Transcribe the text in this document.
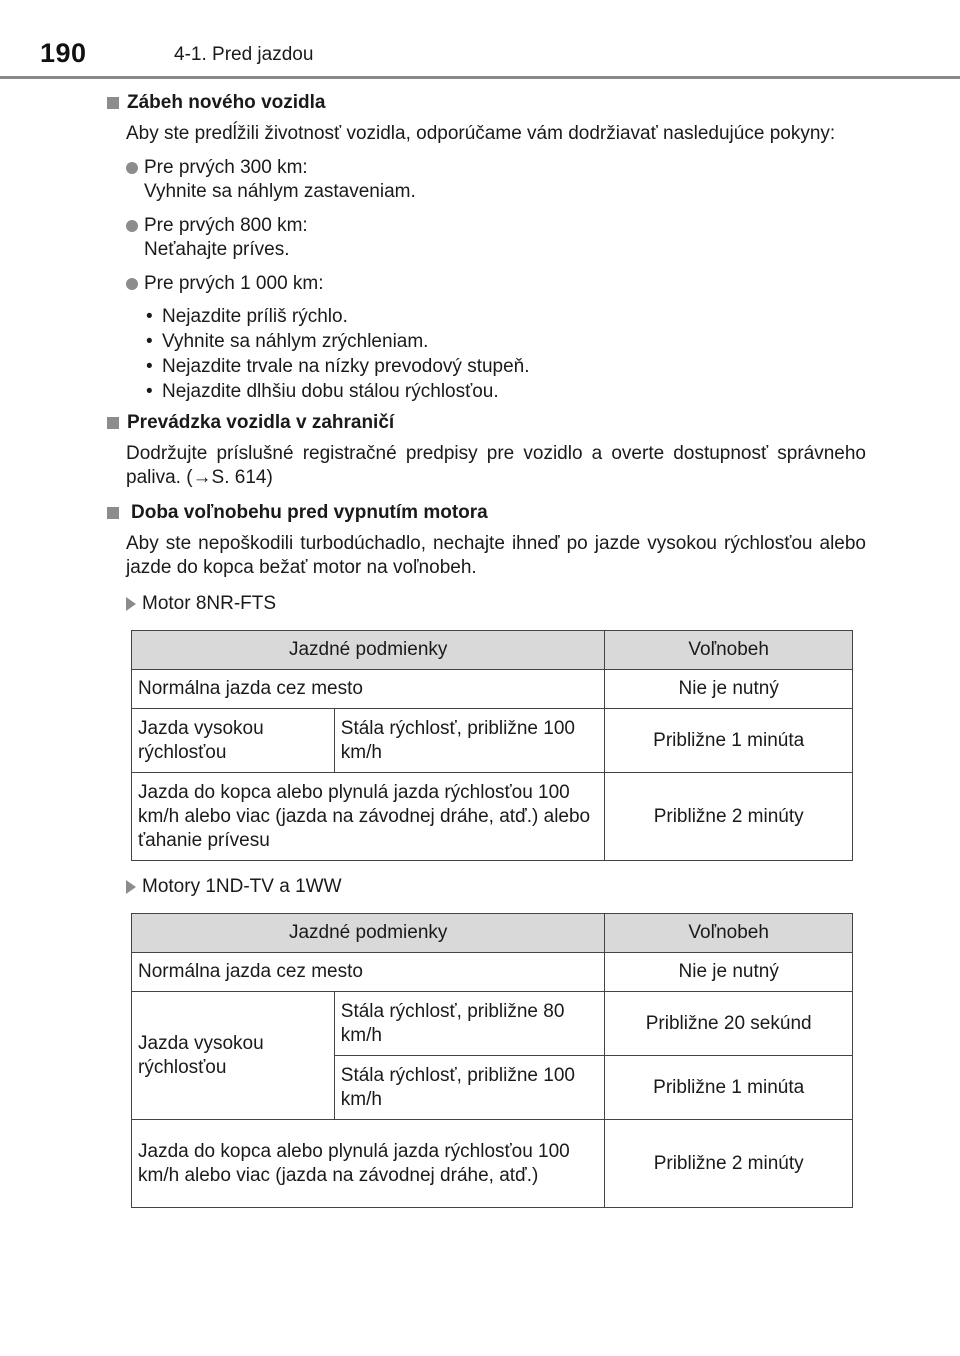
190	4-1. Pred jazdou
Zábeh nového vozidla

Aby ste predĺžili životnosť vozidla, odporúčame vám dodržiavať nasledujúce pokyny:

Pre prvých 300 km:
Vyhnite sa náhlym zastaveniam.
Pre prvých 800 km:
Neťahajte príves.
Pre prvých 1 000 km:
• Nejazdite príliš rýchlo.
• Vyhnite sa náhlym zrýchleniam.
• Nejazdite trvale na nízky prevodový stupeň.
• Nejazdite dlhšiu dobu stálou rýchlosťou.
Prevádzka vozidla v zahraničí

Dodržujte príslušné registračné predpisy pre vozidlo a overte dostupnosť správneho paliva. (→S. 614)

Doba voľnobehu pred vypnutím motora

Aby ste nepoškodili turbodúchadlo, nechajte ihneď po jazde vysokou rýchlosťou alebo jazde do kopca bežať motor na voľnobeh.

Motor 8NR-FTS
Jazdné podmienky		Voľnobeh
Normálna jazda cez mesto		Nie je nutný
Jazda vysokou rýchlosťou	Stála rýchlosť, približne 100 km/h	Približne 1 minúta
Jazda do kopca alebo plynulá jazda rýchlosťou 100 km/h alebo viac (jazda na závodnej dráhe, atď.) alebo ťahanie prívesu		Približne 2 minúty
Motory 1ND-TV a 1WW
Jazdné podmienky		Voľnobeh
Normálna jazda cez mesto		Nie je nutný
Jazda vysokou rýchlosťou	Stála rýchlosť, približne 80 km/h	Približne 20 sekúnd
	Stála rýchlosť, približne 100 km/h	Približne 1 minúta
Jazda do kopca alebo plynulá jazda rýchlosťou 100 km/h alebo viac (jazda na závodnej dráhe, atď.)		Približne 2 minúty
